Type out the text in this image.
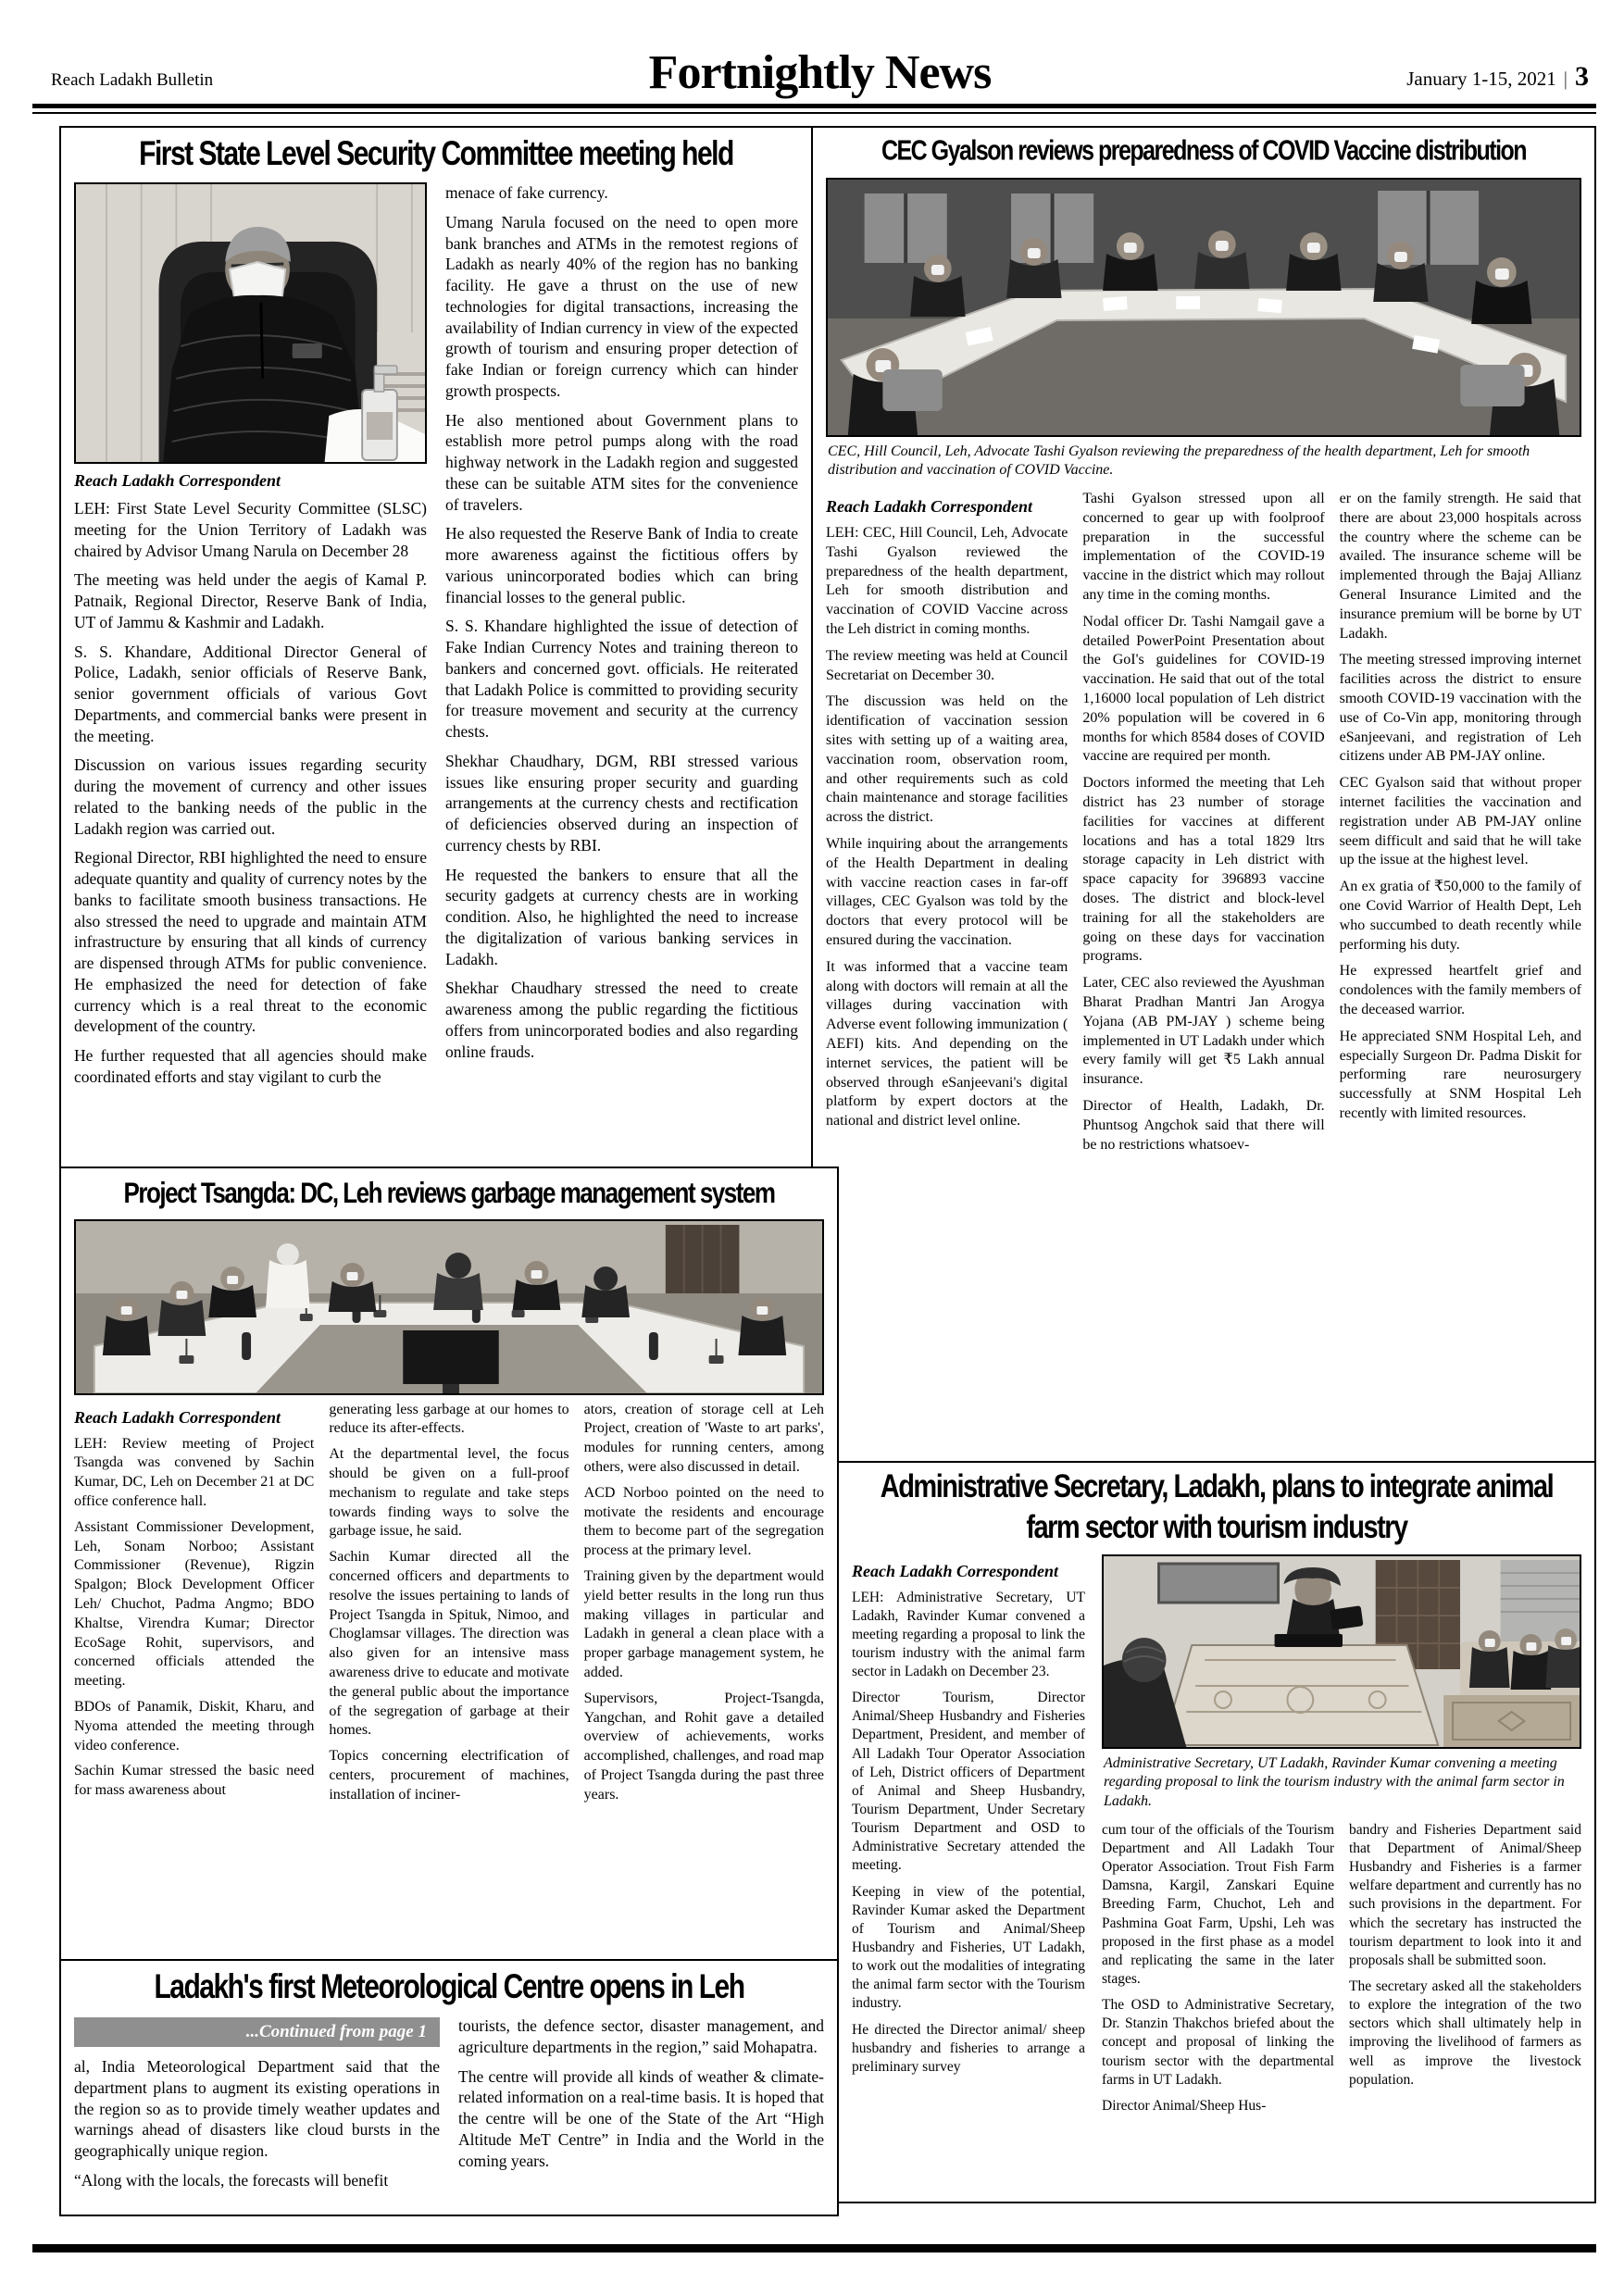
Reach Ladakh Bulletin	Fortnightly News	January 1-15, 2021 | 3
First State Level Security Committee meeting held
Reach Ladakh Correspondent

LEH: First State Level Security Committee (SLSC) meeting for the Union Territory of Ladakh was chaired by Advisor Umang Narula on December 28

The meeting was held under the aegis of Kamal P. Patnaik, Regional Director, Reserve Bank of India, UT of Jammu & Kashmir and Ladakh.

S. S. Khandare, Additional Director General of Police, Ladakh, senior officials of Reserve Bank, senior government officials of various Govt Departments, and commercial banks were present in the meeting.

Discussion on various issues regarding security during the movement of currency and other issues related to the banking needs of the public in the Ladakh region was carried out.

Regional Director, RBI highlighted the need to ensure adequate quantity and quality of currency notes by the banks to facilitate smooth business transactions. He also stressed the need to upgrade and maintain ATM infrastructure by ensuring that all kinds of currency are dispensed through ATMs for public convenience. He emphasized the need for detection of fake currency which is a real threat to the economic development of the country.

He further requested that all agencies should make coordinated efforts and stay vigilant to curb the

menace of fake currency.

Umang Narula focused on the need to open more bank branches and ATMs in the remotest regions of Ladakh as nearly 40% of the region has no banking facility. He gave a thrust on the use of new technologies for digital transactions, increasing the availability of Indian currency in view of the expected growth of tourism and ensuring proper detection of fake Indian or foreign currency which can hinder growth prospects.

He also mentioned about Government plans to establish more petrol pumps along with the road highway network in the Ladakh region and suggested these can be suitable ATM sites for the convenience of travelers.

He also requested the Reserve Bank of India to create more awareness against the fictitious offers by various unincorporated bodies which can bring financial losses to the general public.

S. S. Khandare highlighted the issue of detection of Fake Indian Currency Notes and training thereon to bankers and concerned govt. officials. He reiterated that Ladakh Police is committed to providing security for treasure movement and security at the currency chests.

Shekhar Chaudhary, DGM, RBI stressed various issues like ensuring proper security and guarding arrangements at the currency chests and rectification of deficiencies observed during an inspection of currency chests by RBI.

He requested the bankers to ensure that all the security gadgets at currency chests are in working condition. Also, he highlighted the need to increase the digitalization of various banking services in Ladakh.

Shekhar Chaudhary stressed the need to create awareness among the public regarding the fictitious offers from unincorporated bodies and also regarding online frauds.

CEC Gyalson reviews preparedness of COVID Vaccine distribution
CEC, Hill Council, Leh, Advocate Tashi Gyalson reviewing the preparedness of the health department, Leh for smooth distribution and vaccination of COVID Vaccine.
Reach Ladakh Correspondent

LEH: CEC, Hill Council, Leh, Advocate Tashi Gyalson reviewed the preparedness of the health department, Leh for smooth distribution and vaccination of COVID Vaccine across the Leh district in coming months.

The review meeting was held at Council Secretariat on December 30.

The discussion was held on the identification of vaccination session sites with setting up of a waiting area, vaccination room, observation room, and other requirements such as cold chain maintenance and storage facilities across the district.

While inquiring about the arrangements of the Health Department in dealing with vaccine reaction cases in far-off villages, CEC Gyalson was told by the doctors that every protocol will be ensured during the vaccination.

It was informed that a vaccine team along with doctors will remain at all the villages during vaccination with Adverse event following immunization ( AEFI) kits. And depending on the internet services, the patient will be observed through eSanjeevani's digital platform by expert doctors at the national and district level online.

Tashi Gyalson stressed upon all concerned to gear up with foolproof preparation in the successful implementation of the COVID-19 vaccine in the district which may rollout any time in the coming months.

Nodal officer Dr. Tashi Namgail gave a detailed PowerPoint Presentation about the GoI's guidelines for COVID-19 vaccination. He said that out of the total 1,16000 local population of Leh district 20% population will be covered in 6 months for which 8584 doses of COVID vaccine are required per month.

Doctors informed the meeting that Leh district has 23 number of storage facilities for vaccines at different locations and has a total 1829 ltrs storage capacity in Leh district with space capacity for 396893 vaccine doses. The district and block-level training for all the stakeholders are going on these days for vaccination programs.

Later, CEC also reviewed the Ayushman Bharat Pradhan Mantri Jan Arogya Yojana (AB PM-JAY ) scheme being implemented in UT Ladakh under which every family will get ₹5 Lakh annual insurance.

Director of Health, Ladakh, Dr. Phuntsog Angchok said that there will be no restrictions whatsoev-

er on the family strength. He said that there are about 23,000 hospitals across the country where the scheme can be availed. The insurance scheme will be implemented through the Bajaj Allianz General Insurance Limited and the insurance premium will be borne by UT Ladakh.

The meeting stressed improving internet facilities across the district to ensure smooth COVID-19 vaccination with the use of Co-Vin app, monitoring through eSanjeevani, and registration of Leh citizens under AB PM-JAY online.

CEC Gyalson said that without proper internet facilities the vaccination and registration under AB PM-JAY online seem difficult and said that he will take up the issue at the highest level.

An ex gratia of ₹50,000 to the family of one Covid Warrior of Health Dept, Leh who succumbed to death recently while performing his duty.

He expressed heartfelt grief and condolences with the family members of the deceased warrior.

He appreciated SNM Hospital Leh, and especially Surgeon Dr. Padma Diskit for performing rare neurosurgery successfully at SNM Hospital Leh recently with limited resources.

Project Tsangda: DC, Leh reviews garbage management system
Reach Ladakh Correspondent

LEH: Review meeting of Project Tsangda was convened by Sachin Kumar, DC, Leh on December 21 at DC office conference hall.

Assistant Commissioner Development, Leh, Sonam Norboo; Assistant Commissioner (Revenue), Rigzin Spalgon; Block Development Officer Leh/ Chuchot, Padma Angmo; BDO Khaltse, Virendra Kumar; Director EcoSage Rohit, supervisors, and concerned officials attended the meeting.

BDOs of Panamik, Diskit, Kharu, and Nyoma attended the meeting through video conference.

Sachin Kumar stressed the basic need for mass awareness about

generating less garbage at our homes to reduce its after-effects.

At the departmental level, the focus should be given on a full-proof mechanism to regulate and take steps towards finding ways to solve the garbage issue, he said.

Sachin Kumar directed all the concerned officers and departments to resolve the issues pertaining to lands of Project Tsangda in Spituk, Nimoo, and Choglamsar villages. The direction was also given for an intensive mass awareness drive to educate and motivate the general public about the importance of the segregation of garbage at their homes.

Topics concerning electrification of centers, procurement of machines, installation of inciner-

ators, creation of storage cell at Leh Project, creation of 'Waste to art parks', modules for running centers, among others, were also discussed in detail.

ACD Norboo pointed on the need to motivate the residents and encourage them to become part of the segregation process at the primary level.

Training given by the department would yield better results in the long run thus making villages in particular and Ladakh in general a clean place with a proper garbage management system, he added.

Supervisors, Project-Tsangda, Yangchan, and Rohit gave a detailed overview of achievements, works accomplished, challenges, and road map of Project Tsangda during the past three years.

Administrative Secretary, Ladakh, plans to integrate animal farm sector with tourism industry
Reach Ladakh Correspondent

LEH: Administrative Secretary, UT Ladakh, Ravinder Kumar convened a meeting regarding a proposal to link the tourism industry with the animal farm sector in Ladakh on December 23.

Director Tourism, Director Animal/Sheep Husbandry and Fisheries Department, President, and member of All Ladakh Tour Operator Association of Leh, District officers of Department of Animal and Sheep Husbandry, Tourism Department, Under Secretary Tourism Department and OSD to Administrative Secretary attended the meeting.

Keeping in view of the potential, Ravinder Kumar asked the Department of Tourism and Animal/Sheep Husbandry and Fisheries, UT Ladakh, to work out the modalities of integrating the animal farm sector with the Tourism industry.

He directed the Director animal/ sheep husbandry and fisheries to arrange a preliminary survey

Administrative Secretary, UT Ladakh, Ravinder Kumar convening a meeting regarding proposal to link the tourism industry with the animal farm sector in Ladakh.

cum tour of the officials of the Tourism Department and All Ladakh Tour Operator Association. Trout Fish Farm Damsna, Kargil, Zanskari Equine Breeding Farm, Chuchot, Leh and Pashmina Goat Farm, Upshi, Leh was proposed in the first phase as a model and replicating the same in the later stages.

The OSD to Administrative Secretary, Dr. Stanzin Thakchos briefed about the concept and proposal of linking the tourism sector with the departmental farms in UT Ladakh.

Director Animal/Sheep Hus-

bandry and Fisheries Department said that Department of Animal/Sheep Husbandry and Fisheries is a farmer welfare department and currently has no such provisions in the department. For which the secretary has instructed the tourism department to look into it and proposals shall be submitted soon.

The secretary asked all the stakeholders to explore the integration of the two sectors which shall ultimately help in improving the livelihood of farmers as well as improve the livestock population.

Ladakh's first Meteorological Centre opens in Leh
...Continued from page 1

al, India Meteorological Department said that the department plans to augment its existing operations in the region so as to provide timely weather updates and warnings ahead of disasters like cloud bursts in the geographically unique region.

“Along with the locals, the forecasts will benefit

tourists, the defence sector, disaster management, and agriculture departments in the region,” said Mohapatra.

The centre will provide all kinds of weather & climate-related information on a real-time basis. It is hoped that the centre will be one of the State of the Art “High Altitude MeT Centre” in India and the World in the coming years.
